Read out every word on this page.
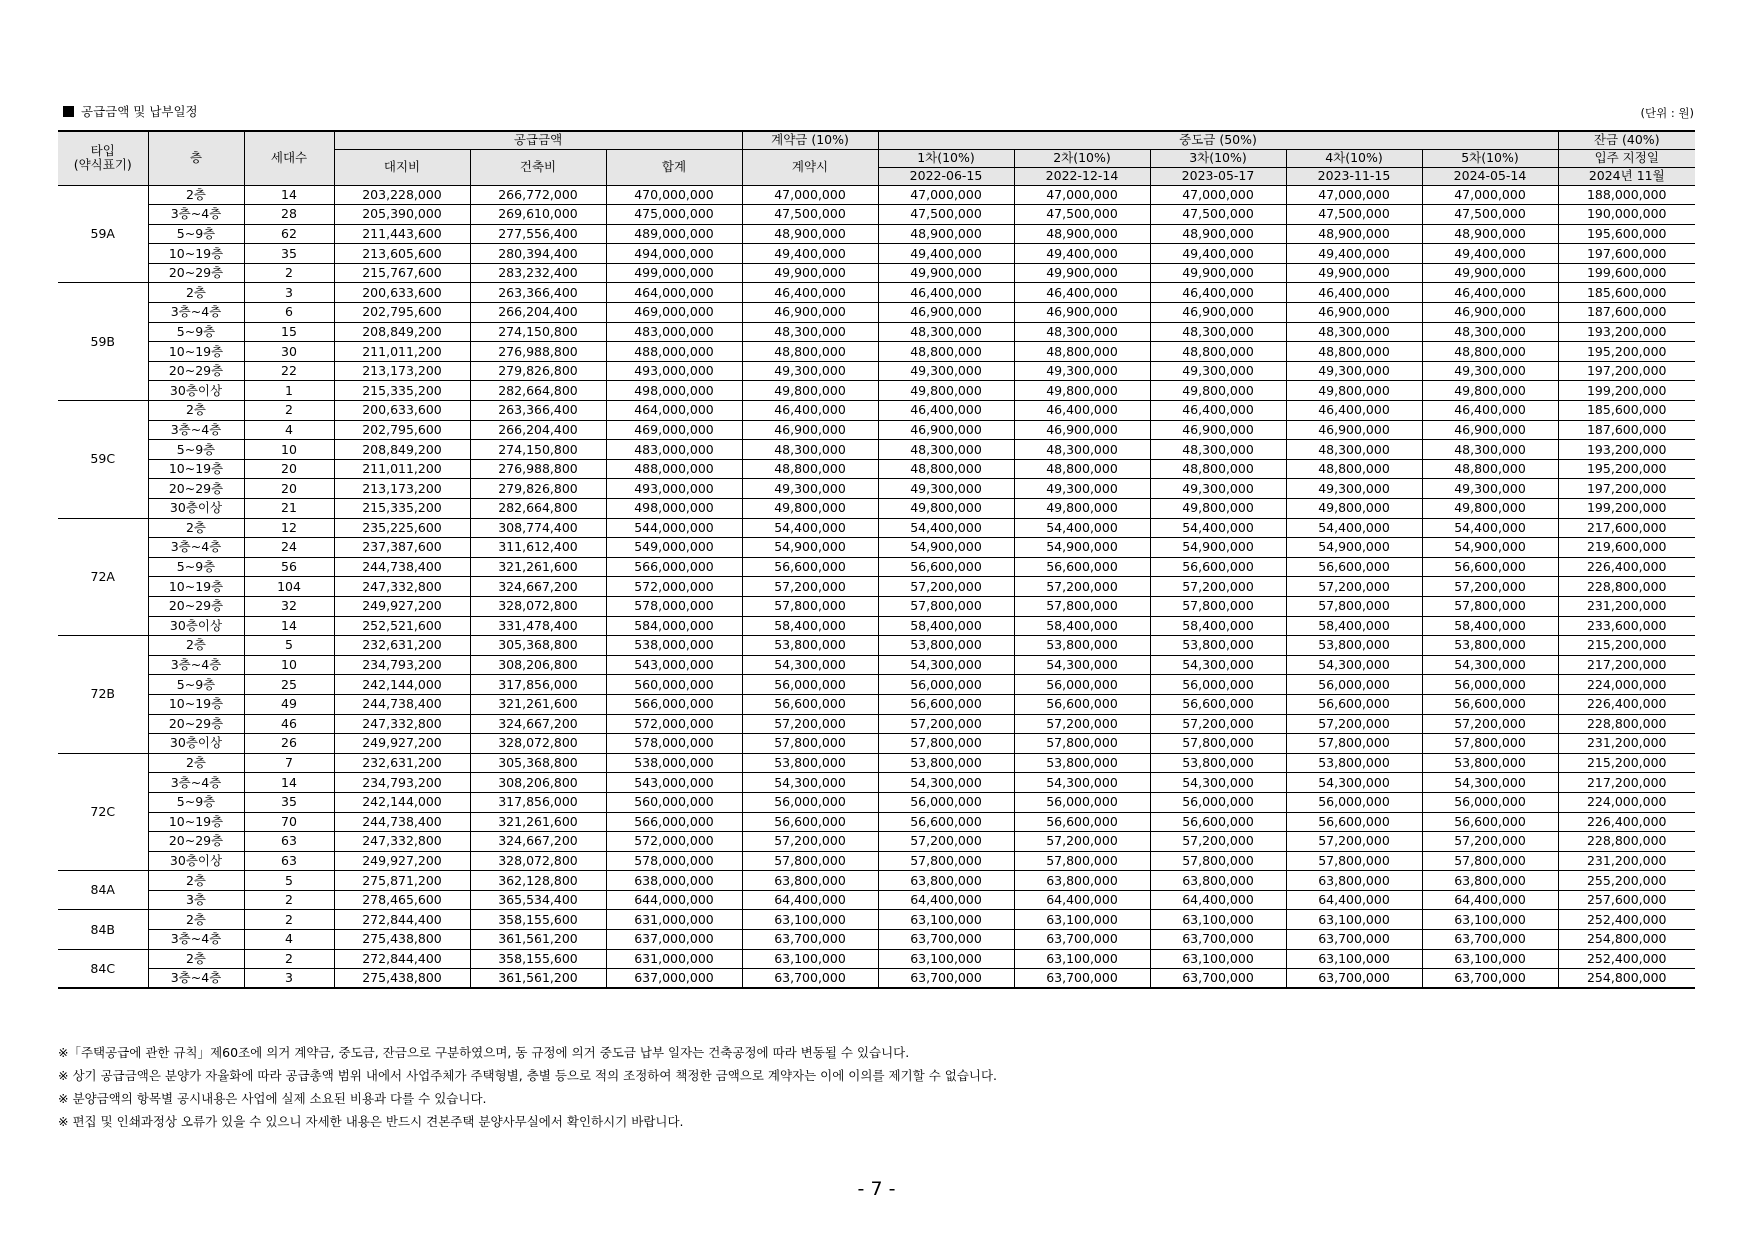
공급금액 및 납부일정	(단위 : 원)
타입
(약식표기)	층	세대수	공급금액			계약금 (10%)	중도금 (50%)					잔금 (40%)
			대지비	건축비	합계	계약시	1차(10%)	2차(10%)	3차(10%)	4차(10%)	5차(10%)	입주 지정일
							2022-06-15	2022-12-14	2023-05-17	2023-11-15	2024-05-14	2024년 11월
59A	2층	14	203,228,000	266,772,000	470,000,000	47,000,000	47,000,000	47,000,000	47,000,000	47,000,000	47,000,000	188,000,000
	3층~4층	28	205,390,000	269,610,000	475,000,000	47,500,000	47,500,000	47,500,000	47,500,000	47,500,000	47,500,000	190,000,000
	5~9층	62	211,443,600	277,556,400	489,000,000	48,900,000	48,900,000	48,900,000	48,900,000	48,900,000	48,900,000	195,600,000
	10~19층	35	213,605,600	280,394,400	494,000,000	49,400,000	49,400,000	49,400,000	49,400,000	49,400,000	49,400,000	197,600,000
	20~29층	2	215,767,600	283,232,400	499,000,000	49,900,000	49,900,000	49,900,000	49,900,000	49,900,000	49,900,000	199,600,000
59B	2층	3	200,633,600	263,366,400	464,000,000	46,400,000	46,400,000	46,400,000	46,400,000	46,400,000	46,400,000	185,600,000
	3층~4층	6	202,795,600	266,204,400	469,000,000	46,900,000	46,900,000	46,900,000	46,900,000	46,900,000	46,900,000	187,600,000
	5~9층	15	208,849,200	274,150,800	483,000,000	48,300,000	48,300,000	48,300,000	48,300,000	48,300,000	48,300,000	193,200,000
	10~19층	30	211,011,200	276,988,800	488,000,000	48,800,000	48,800,000	48,800,000	48,800,000	48,800,000	48,800,000	195,200,000
	20~29층	22	213,173,200	279,826,800	493,000,000	49,300,000	49,300,000	49,300,000	49,300,000	49,300,000	49,300,000	197,200,000
	30층이상	1	215,335,200	282,664,800	498,000,000	49,800,000	49,800,000	49,800,000	49,800,000	49,800,000	49,800,000	199,200,000
59C	2층	2	200,633,600	263,366,400	464,000,000	46,400,000	46,400,000	46,400,000	46,400,000	46,400,000	46,400,000	185,600,000
	3층~4층	4	202,795,600	266,204,400	469,000,000	46,900,000	46,900,000	46,900,000	46,900,000	46,900,000	46,900,000	187,600,000
	5~9층	10	208,849,200	274,150,800	483,000,000	48,300,000	48,300,000	48,300,000	48,300,000	48,300,000	48,300,000	193,200,000
	10~19층	20	211,011,200	276,988,800	488,000,000	48,800,000	48,800,000	48,800,000	48,800,000	48,800,000	48,800,000	195,200,000
	20~29층	20	213,173,200	279,826,800	493,000,000	49,300,000	49,300,000	49,300,000	49,300,000	49,300,000	49,300,000	197,200,000
	30층이상	21	215,335,200	282,664,800	498,000,000	49,800,000	49,800,000	49,800,000	49,800,000	49,800,000	49,800,000	199,200,000
72A	2층	12	235,225,600	308,774,400	544,000,000	54,400,000	54,400,000	54,400,000	54,400,000	54,400,000	54,400,000	217,600,000
	3층~4층	24	237,387,600	311,612,400	549,000,000	54,900,000	54,900,000	54,900,000	54,900,000	54,900,000	54,900,000	219,600,000
	5~9층	56	244,738,400	321,261,600	566,000,000	56,600,000	56,600,000	56,600,000	56,600,000	56,600,000	56,600,000	226,400,000
	10~19층	104	247,332,800	324,667,200	572,000,000	57,200,000	57,200,000	57,200,000	57,200,000	57,200,000	57,200,000	228,800,000
	20~29층	32	249,927,200	328,072,800	578,000,000	57,800,000	57,800,000	57,800,000	57,800,000	57,800,000	57,800,000	231,200,000
	30층이상	14	252,521,600	331,478,400	584,000,000	58,400,000	58,400,000	58,400,000	58,400,000	58,400,000	58,400,000	233,600,000
72B	2층	5	232,631,200	305,368,800	538,000,000	53,800,000	53,800,000	53,800,000	53,800,000	53,800,000	53,800,000	215,200,000
	3층~4층	10	234,793,200	308,206,800	543,000,000	54,300,000	54,300,000	54,300,000	54,300,000	54,300,000	54,300,000	217,200,000
	5~9층	25	242,144,000	317,856,000	560,000,000	56,000,000	56,000,000	56,000,000	56,000,000	56,000,000	56,000,000	224,000,000
	10~19층	49	244,738,400	321,261,600	566,000,000	56,600,000	56,600,000	56,600,000	56,600,000	56,600,000	56,600,000	226,400,000
	20~29층	46	247,332,800	324,667,200	572,000,000	57,200,000	57,200,000	57,200,000	57,200,000	57,200,000	57,200,000	228,800,000
	30층이상	26	249,927,200	328,072,800	578,000,000	57,800,000	57,800,000	57,800,000	57,800,000	57,800,000	57,800,000	231,200,000
72C	2층	7	232,631,200	305,368,800	538,000,000	53,800,000	53,800,000	53,800,000	53,800,000	53,800,000	53,800,000	215,200,000
	3층~4층	14	234,793,200	308,206,800	543,000,000	54,300,000	54,300,000	54,300,000	54,300,000	54,300,000	54,300,000	217,200,000
	5~9층	35	242,144,000	317,856,000	560,000,000	56,000,000	56,000,000	56,000,000	56,000,000	56,000,000	56,000,000	224,000,000
	10~19층	70	244,738,400	321,261,600	566,000,000	56,600,000	56,600,000	56,600,000	56,600,000	56,600,000	56,600,000	226,400,000
	20~29층	63	247,332,800	324,667,200	572,000,000	57,200,000	57,200,000	57,200,000	57,200,000	57,200,000	57,200,000	228,800,000
	30층이상	63	249,927,200	328,072,800	578,000,000	57,800,000	57,800,000	57,800,000	57,800,000	57,800,000	57,800,000	231,200,000
84A	2층	5	275,871,200	362,128,800	638,000,000	63,800,000	63,800,000	63,800,000	63,800,000	63,800,000	63,800,000	255,200,000
	3층	2	278,465,600	365,534,400	644,000,000	64,400,000	64,400,000	64,400,000	64,400,000	64,400,000	64,400,000	257,600,000
84B	2층	2	272,844,400	358,155,600	631,000,000	63,100,000	63,100,000	63,100,000	63,100,000	63,100,000	63,100,000	252,400,000
	3층~4층	4	275,438,800	361,561,200	637,000,000	63,700,000	63,700,000	63,700,000	63,700,000	63,700,000	63,700,000	254,800,000
84C	2층	2	272,844,400	358,155,600	631,000,000	63,100,000	63,100,000	63,100,000	63,100,000	63,100,000	63,100,000	252,400,000
	3층~4층	3	275,438,800	361,561,200	637,000,000	63,700,000	63,700,000	63,700,000	63,700,000	63,700,000	63,700,000	254,800,000
※「주택공급에 관한 규칙」제60조에 의거 계약금, 중도금, 잔금으로 구분하였으며, 동 규정에 의거 중도금 납부 일자는 건축공정에 따라 변동될 수 있습니다.
※ 상기 공급금액은 분양가 자율화에 따라 공급총액 범위 내에서 사업주체가 주택형별, 층별 등으로 적의 조정하여 책정한 금액으로 계약자는 이에 이의를 제기할 수 없습니다.
※ 분양금액의 항목별 공시내용은 사업에 실제 소요된 비용과 다를 수 있습니다.
※ 편집 및 인쇄과정상 오류가 있을 수 있으니 자세한 내용은 반드시 견본주택 분양사무실에서 확인하시기 바랍니다.
- 7 -
